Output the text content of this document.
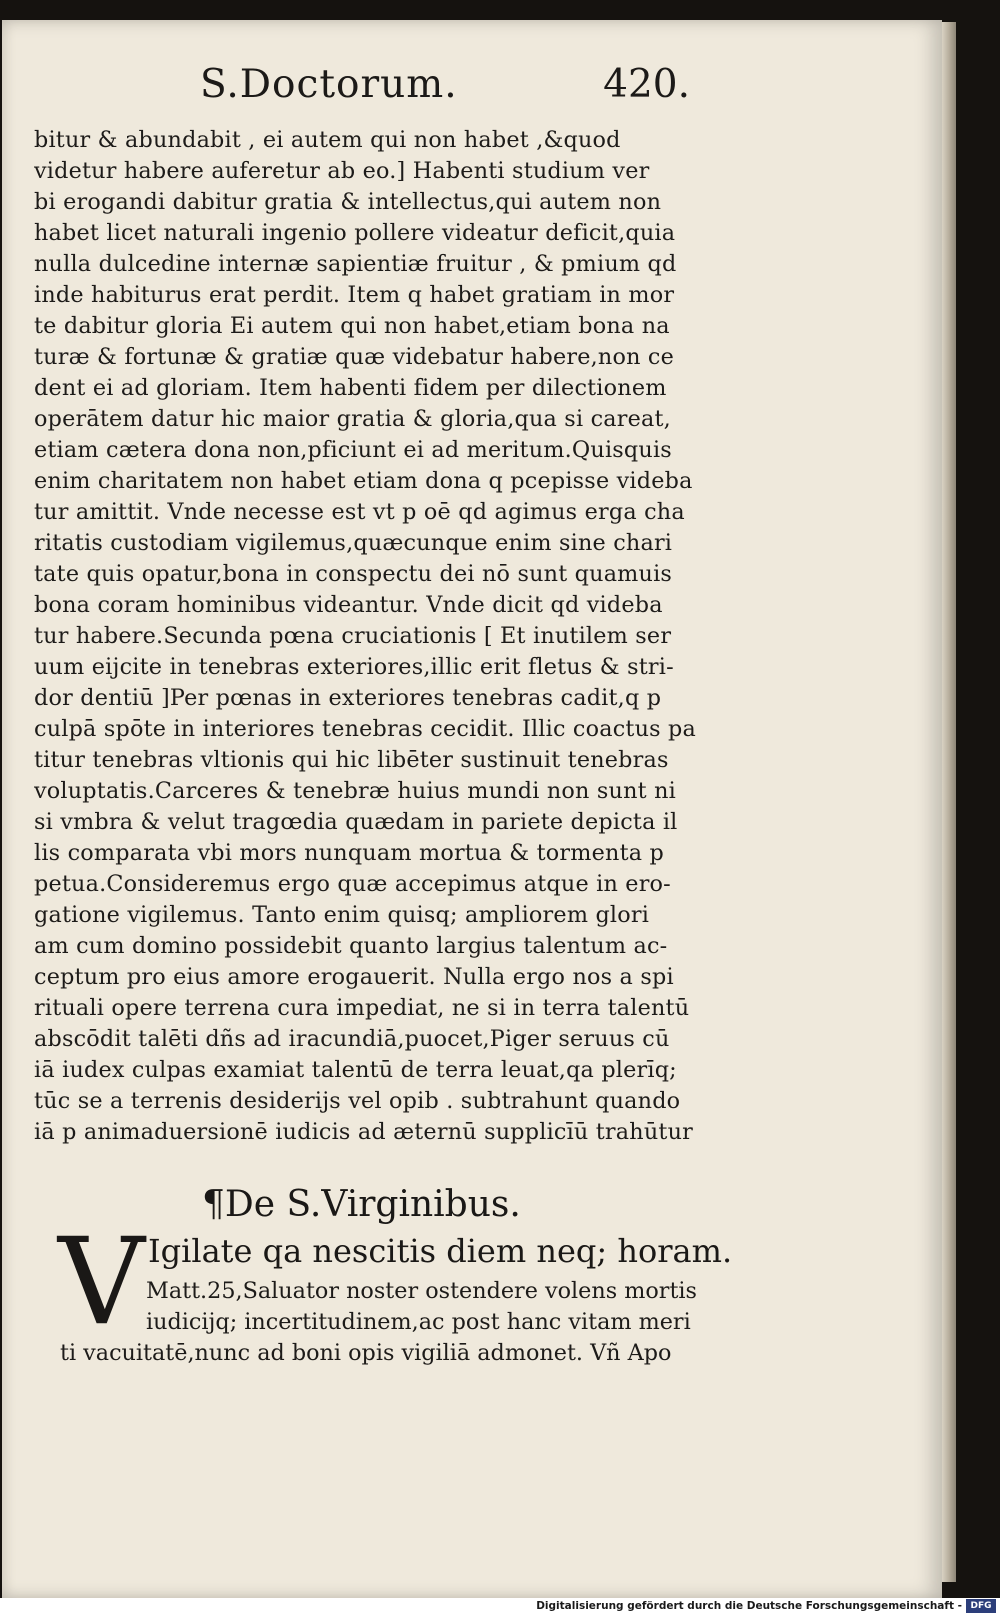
S.Doctorum.	420.
bitur & abundabit , ei autem qui non habet ,&quod
videtur habere auferetur ab eo.] Habenti studium ver
bi erogandi dabitur gratia & intellectus,qui autem non
habet licet naturali ingenio pollere videatur deficit,quia
nulla dulcedine internæ sapientiæ fruitur , & pmium qd
inde habiturus erat perdit. Item q habet gratiam in mor
te dabitur gloria Ei autem qui non habet,etiam bona na
turæ & fortunæ & gratiæ quæ videbatur habere,non ce
dent ei ad gloriam. Item habenti fidem per dilectionem
operātem datur hic maior gratia & gloria,qua si careat,
etiam cætera dona non,pficiunt ei ad meritum.Quisquis
enim charitatem non habet etiam dona q pcepisse videba
tur amittit. Vnde necesse est vt p oē qd agimus erga cha
ritatis custodiam vigilemus,quæcunque enim sine chari
tate quis opatur,bona in conspectu dei nō sunt quamuis
bona coram hominibus videantur. Vnde dicit qd videba
tur habere.Secunda pœna cruciationis [ Et inutilem ser
uum eijcite in tenebras exteriores,illic erit fletus & stri-
dor dentiū ]Per pœnas in exteriores tenebras cadit,q p
culpā spōte in interiores tenebras cecidit. Illic coactus pa
titur tenebras vltionis qui hic libēter sustinuit tenebras
voluptatis.Carceres & tenebræ huius mundi non sunt ni
si vmbra & velut tragœdia quædam in pariete depicta il
lis comparata vbi mors nunquam mortua & tormenta p
petua.Consideremus ergo quæ accepimus atque in ero-
gatione vigilemus. Tanto enim quisq; ampliorem glori
am cum domino possidebit quanto largius talentum ac-
ceptum pro eius amore erogauerit. Nulla ergo nos a spi
rituali opere terrena cura impediat, ne si in terra talentū
abscōdit talēti dñs ad iracundiā,puocet,Piger seruus cū
iā iudex culpas examiat talentū de terra leuat,qa plerīq;
tūc se a terrenis desiderijs vel opib . subtrahunt quando
iā p animaduersionē iudicis ad æternū supplicīū trahūtur
¶De S.Virginibus.
V Igilate qa nescitis diem neq; horam.
Matt.25,Saluator noster ostendere volens mortis
iudicijq; incertitudinem,ac post hanc vitam meri
ti vacuitatē,nunc ad boni opis vigiliā admonet. Vñ Apo
Digitalisierung gefördert durch die Deutsche Forschungsgemeinschaft - DFG
